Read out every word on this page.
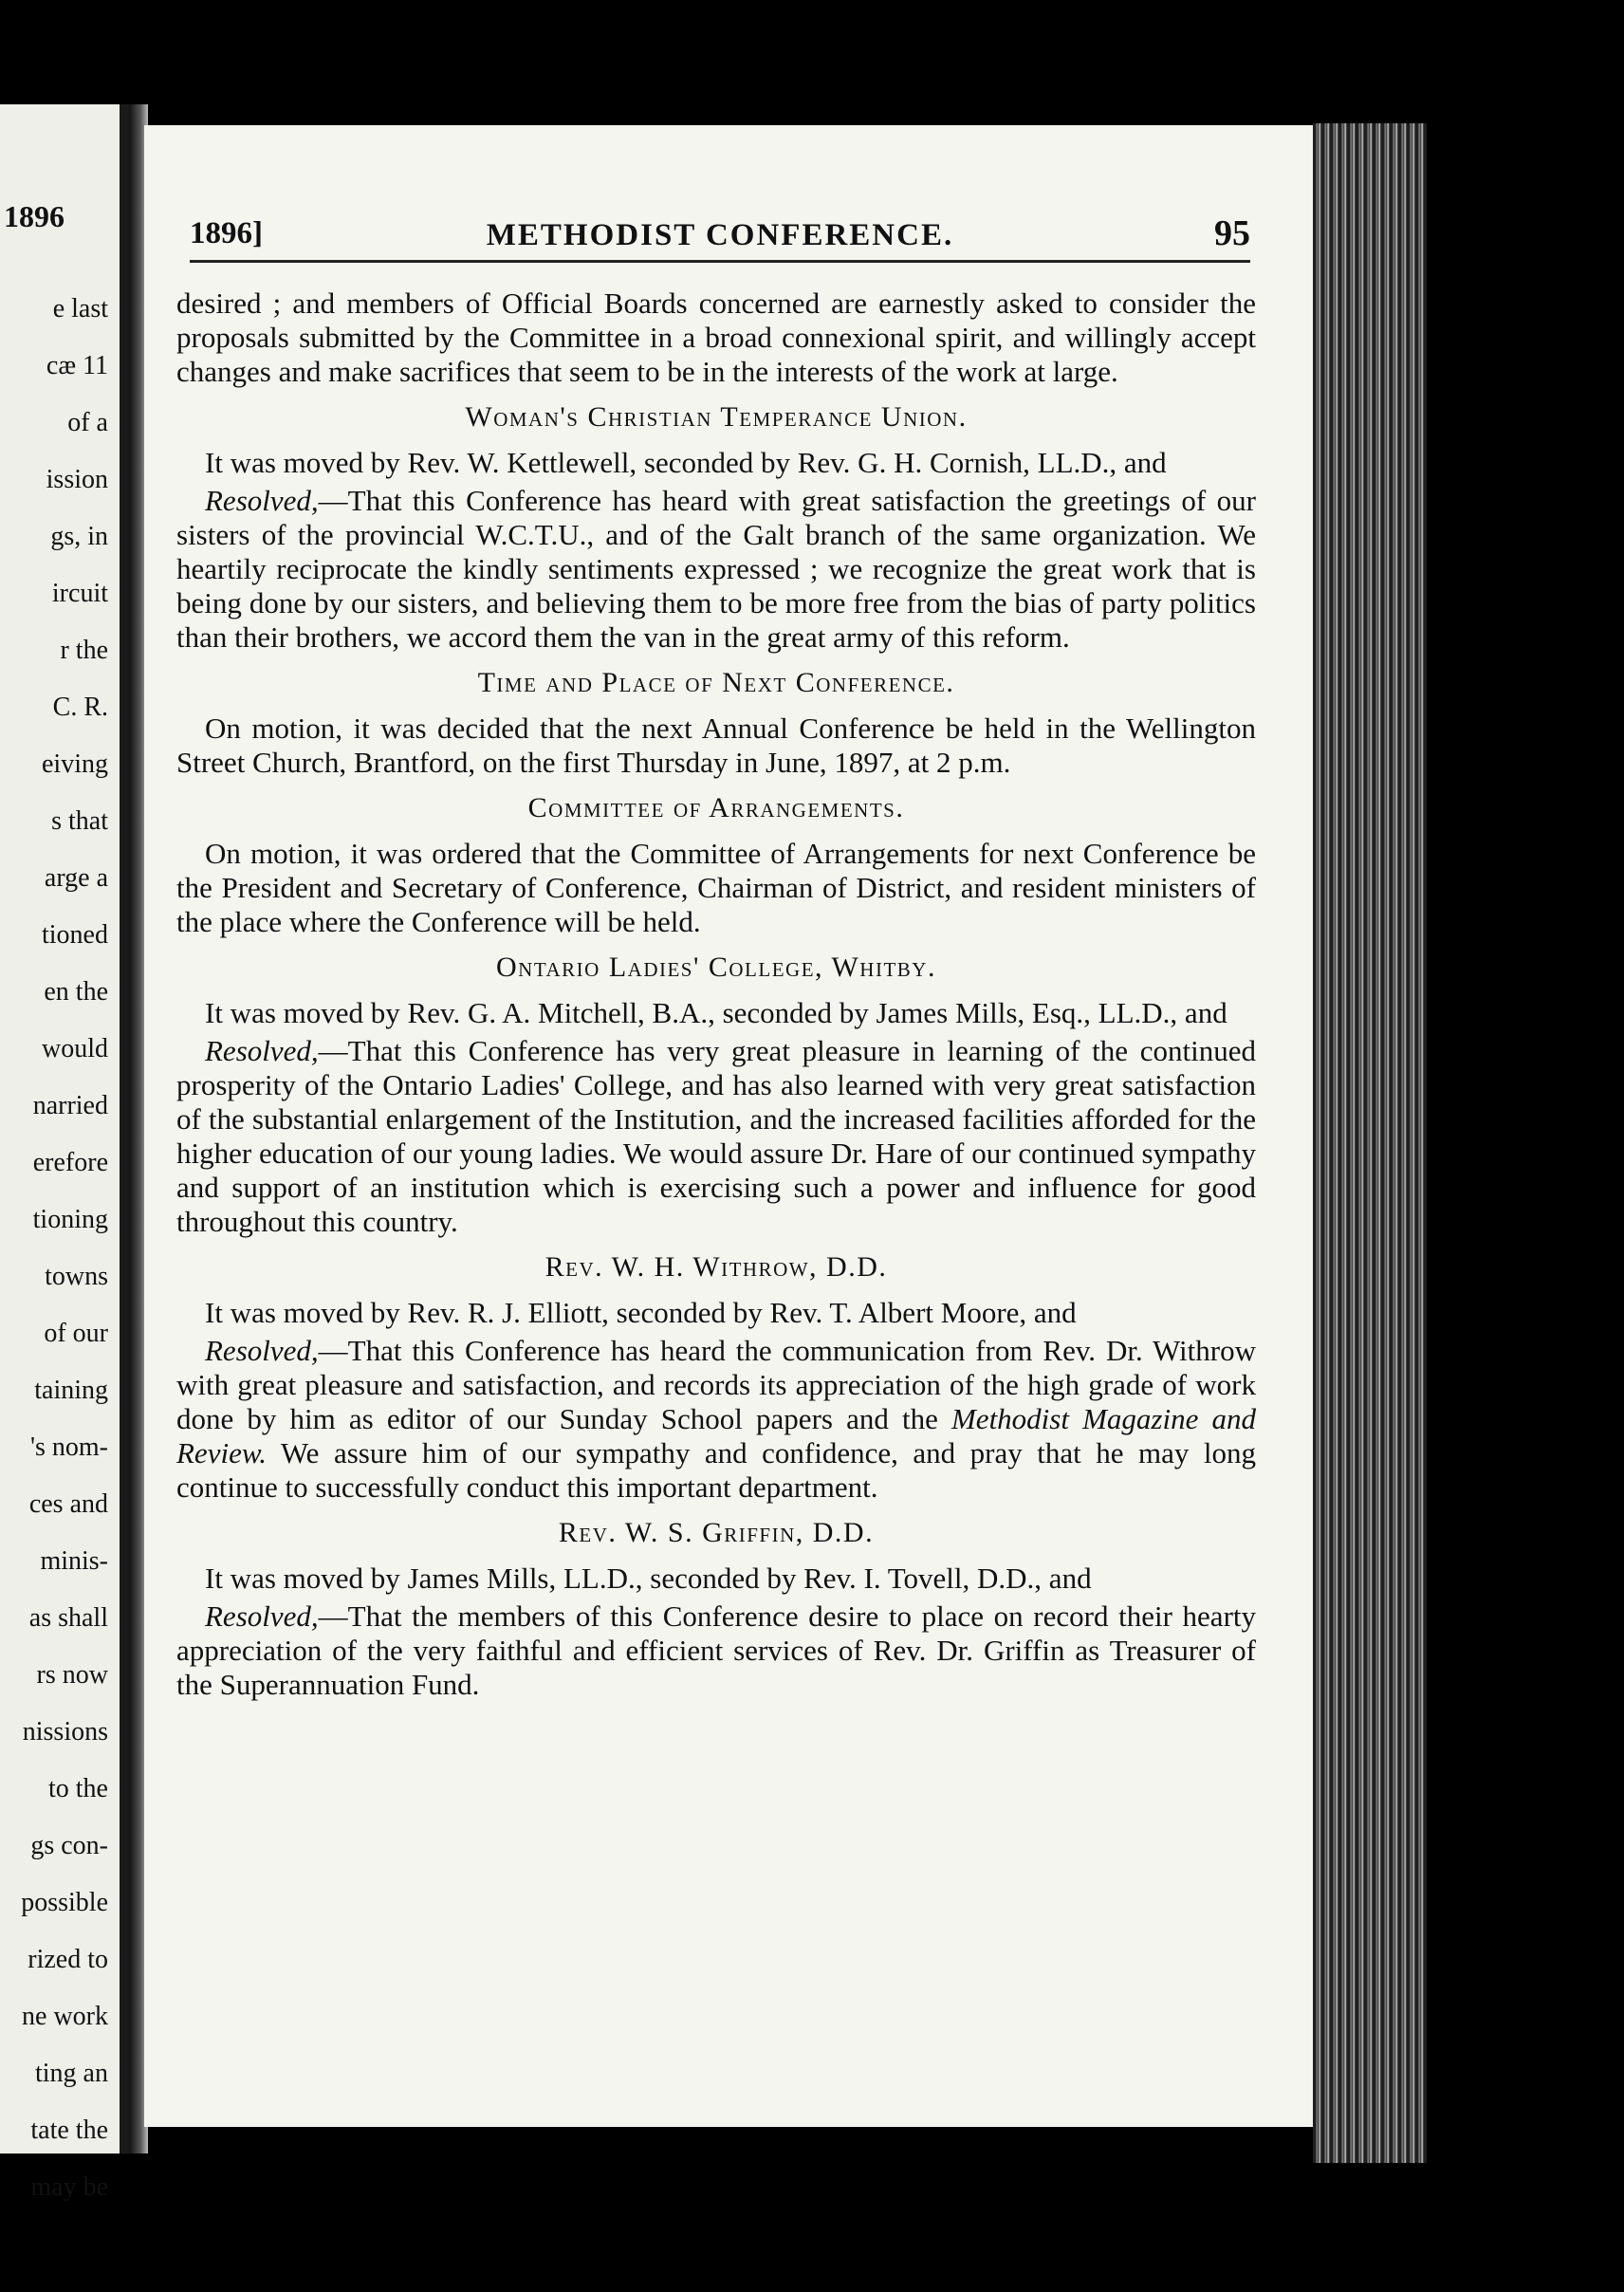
1896
e last
cæ 11
of a
ission
gs, in
ircuit
r the
C. R.
eiving
s that
arge a
tioned
en the
would
narried
erefore
tioning
towns
of our
taining
's nom-
ces and
minis-
as shall
rs now
nissions
to the
gs con-
possible
rized to
ne work
ting an
tate the
may be
1896]	METHODIST CONFERENCE.	95

desired ; and members of Official Boards concerned are earnestly asked to consider the proposals submitted by the Committee in a broad connexional spirit, and willingly accept changes and make sacrifices that seem to be in the interests of the work at large.

Woman's Christian Temperance Union.

It was moved by Rev. W. Kettlewell, seconded by Rev. G. H. Cornish, LL.D., and

Resolved,—That this Conference has heard with great satisfaction the greetings of our sisters of the provincial W.C.T.U., and of the Galt branch of the same organization. We heartily reciprocate the kindly sentiments expressed ; we recognize the great work that is being done by our sisters, and believing them to be more free from the bias of party politics than their brothers, we accord them the van in the great army of this reform.

Time and Place of Next Conference.

On motion, it was decided that the next Annual Conference be held in the Wellington Street Church, Brantford, on the first Thursday in June, 1897, at 2 p.m.

Committee of Arrangements.

On motion, it was ordered that the Committee of Arrangements for next Conference be the President and Secretary of Conference, Chairman of District, and resident ministers of the place where the Conference will be held.

Ontario Ladies' College, Whitby.

It was moved by Rev. G. A. Mitchell, B.A., seconded by James Mills, Esq., LL.D., and

Resolved,—That this Conference has very great pleasure in learning of the continued prosperity of the Ontario Ladies' College, and has also learned with very great satisfaction of the substantial enlargement of the Institution, and the increased facilities afforded for the higher education of our young ladies. We would assure Dr. Hare of our continued sympathy and support of an institution which is exercising such a power and influence for good throughout this country.

Rev. W. H. Withrow, D.D.

It was moved by Rev. R. J. Elliott, seconded by Rev. T. Albert Moore, and

Resolved,—That this Conference has heard the communication from Rev. Dr. Withrow with great pleasure and satisfaction, and records its appreciation of the high grade of work done by him as editor of our Sunday School papers and the Methodist Magazine and Review. We assure him of our sympathy and confidence, and pray that he may long continue to successfully conduct this important department.

Rev. W. S. Griffin, D.D.

It was moved by James Mills, LL.D., seconded by Rev. I. Tovell, D.D., and

Resolved,—That the members of this Conference desire to place on record their hearty appreciation of the very faithful and efficient services of Rev. Dr. Griffin as Treasurer of the Superannuation Fund.
